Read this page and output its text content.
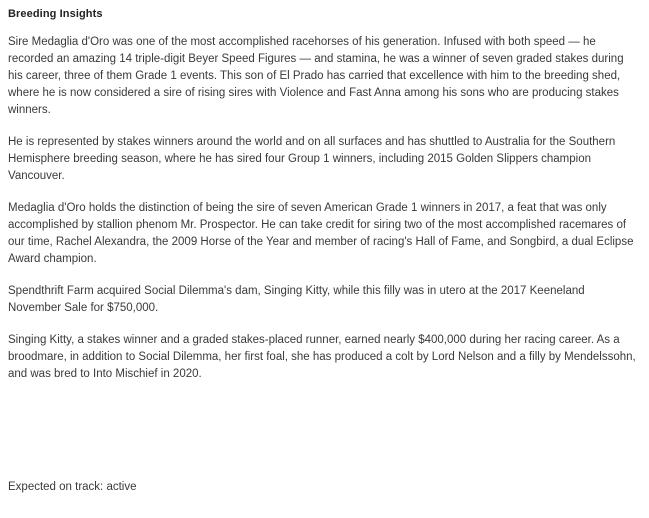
Breeding Insights

Sire Medaglia d'Oro was one of the most accomplished racehorses of his generation. Infused with both speed — he recorded an amazing 14 triple-digit Beyer Speed Figures — and stamina, he was a winner of seven graded stakes during his career, three of them Grade 1 events. This son of El Prado has carried that excellence with him to the breeding shed, where he is now considered a sire of rising sires with Violence and Fast Anna among his sons who are producing stakes winners.

He is represented by stakes winners around the world and on all surfaces and has shuttled to Australia for the Southern Hemisphere breeding season, where he has sired four Group 1 winners, including 2015 Golden Slippers champion Vancouver.

Medaglia d'Oro holds the distinction of being the sire of seven American Grade 1 winners in 2017, a feat that was only accomplished by stallion phenom Mr. Prospector. He can take credit for siring two of the most accomplished racemares of our time, Rachel Alexandra, the 2009 Horse of the Year and member of racing's Hall of Fame, and Songbird, a dual Eclipse Award champion.

Spendthrift Farm acquired Social Dilemma's dam, Singing Kitty, while this filly was in utero at the 2017 Keeneland November Sale for $750,000.

Singing Kitty, a stakes winner and a graded stakes-placed runner, earned nearly $400,000 during her racing career. As a broodmare, in addition to Social Dilemma, her first foal, she has produced a colt by Lord Nelson and a filly by Mendelssohn, and was bred to Into Mischief in 2020.

Expected on track: active
